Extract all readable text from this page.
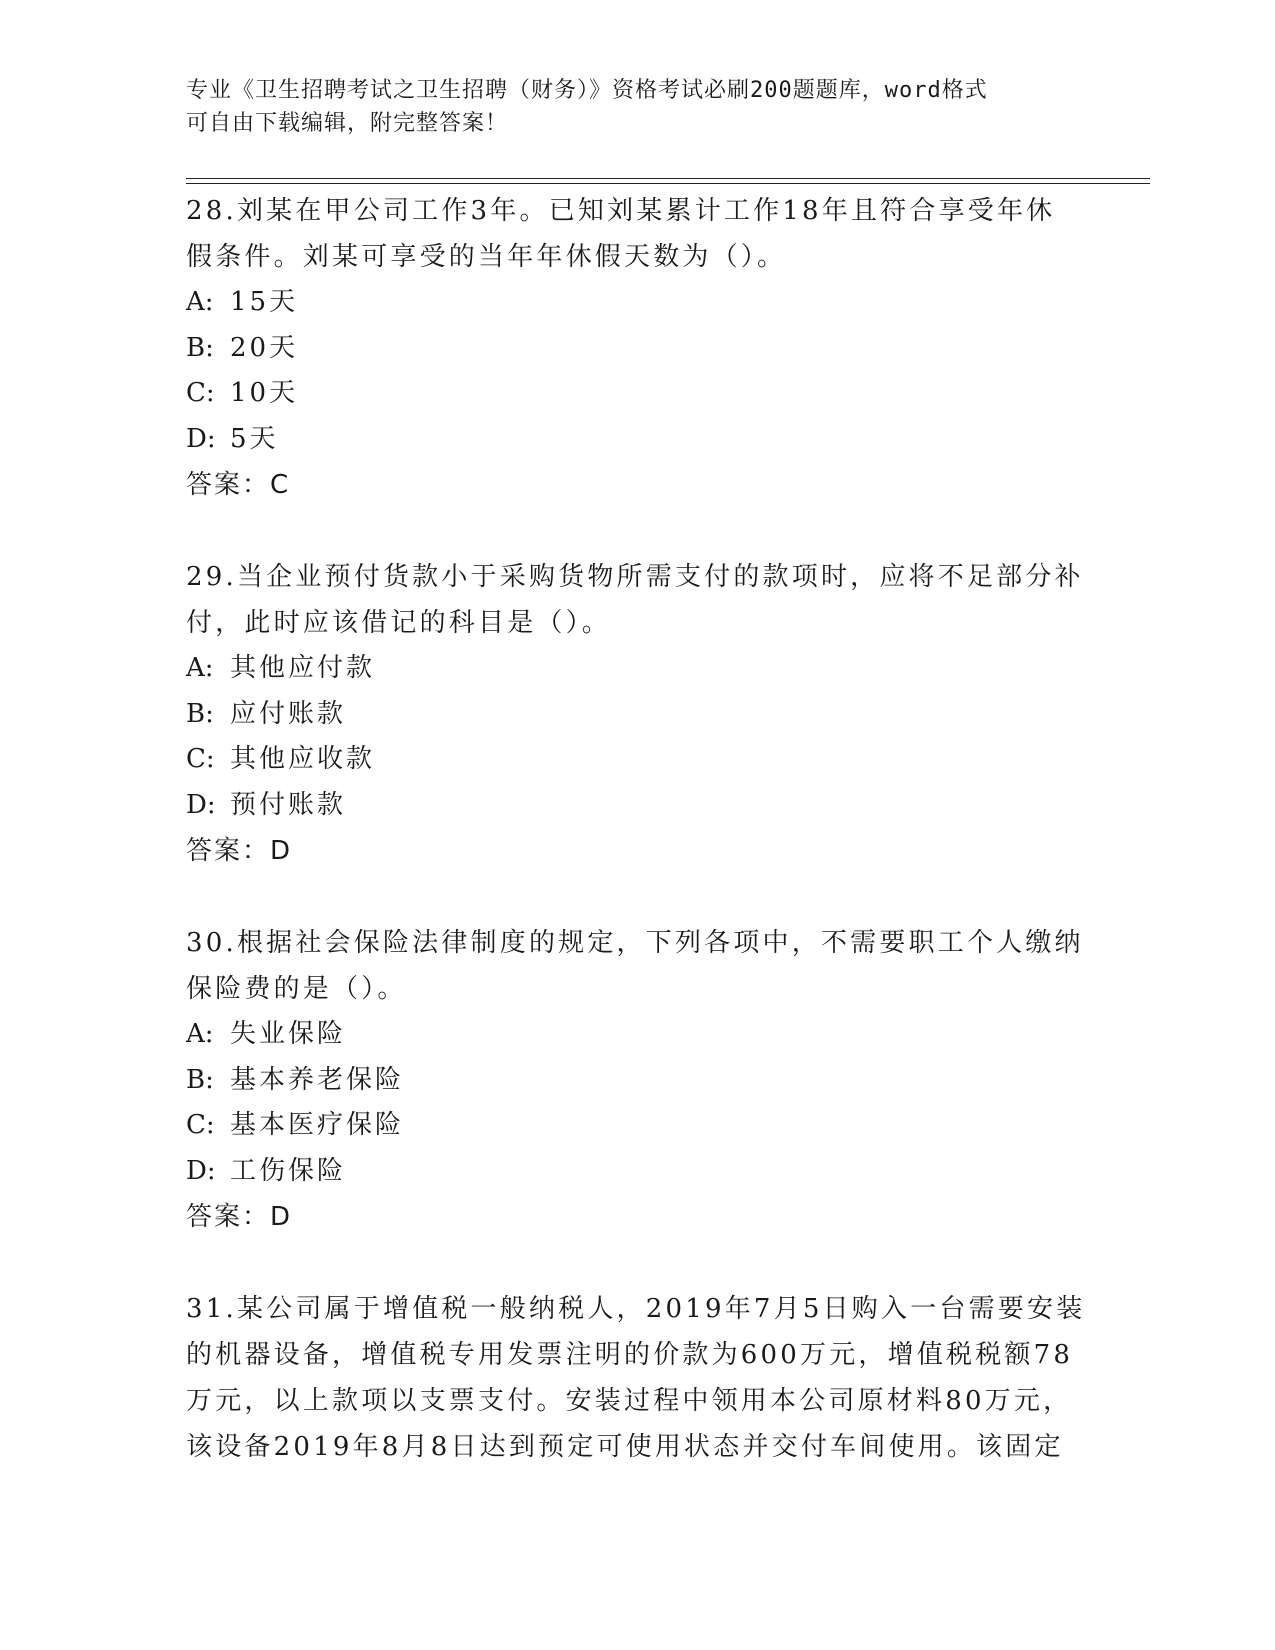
专业《卫生招聘考试之卫生招聘（财务）》资格考试必刷200题题库，word格式
可自由下载编辑，附完整答案！
28.刘某在甲公司工作3年。已知刘某累计工作18年且符合享受年休
假条件。刘某可享受的当年年休假天数为（）。
A: 15天
B: 20天
C: 10天
D: 5天
答案：C
29.当企业预付货款小于采购货物所需支付的款项时，应将不足部分补
付，此时应该借记的科目是（）。
A: 其他应付款
B: 应付账款
C: 其他应收款
D: 预付账款
答案：D
30.根据社会保险法律制度的规定，下列各项中，不需要职工个人缴纳
保险费的是（）。
A: 失业保险
B: 基本养老保险
C: 基本医疗保险
D: 工伤保险
答案：D
31.某公司属于增值税一般纳税人，2019年7月5日购入一台需要安装
的机器设备，增值税专用发票注明的价款为600万元，增值税税额78
万元，以上款项以支票支付。安装过程中领用本公司原材料80万元，
该设备2019年8月8日达到预定可使用状态并交付车间使用。该固定
